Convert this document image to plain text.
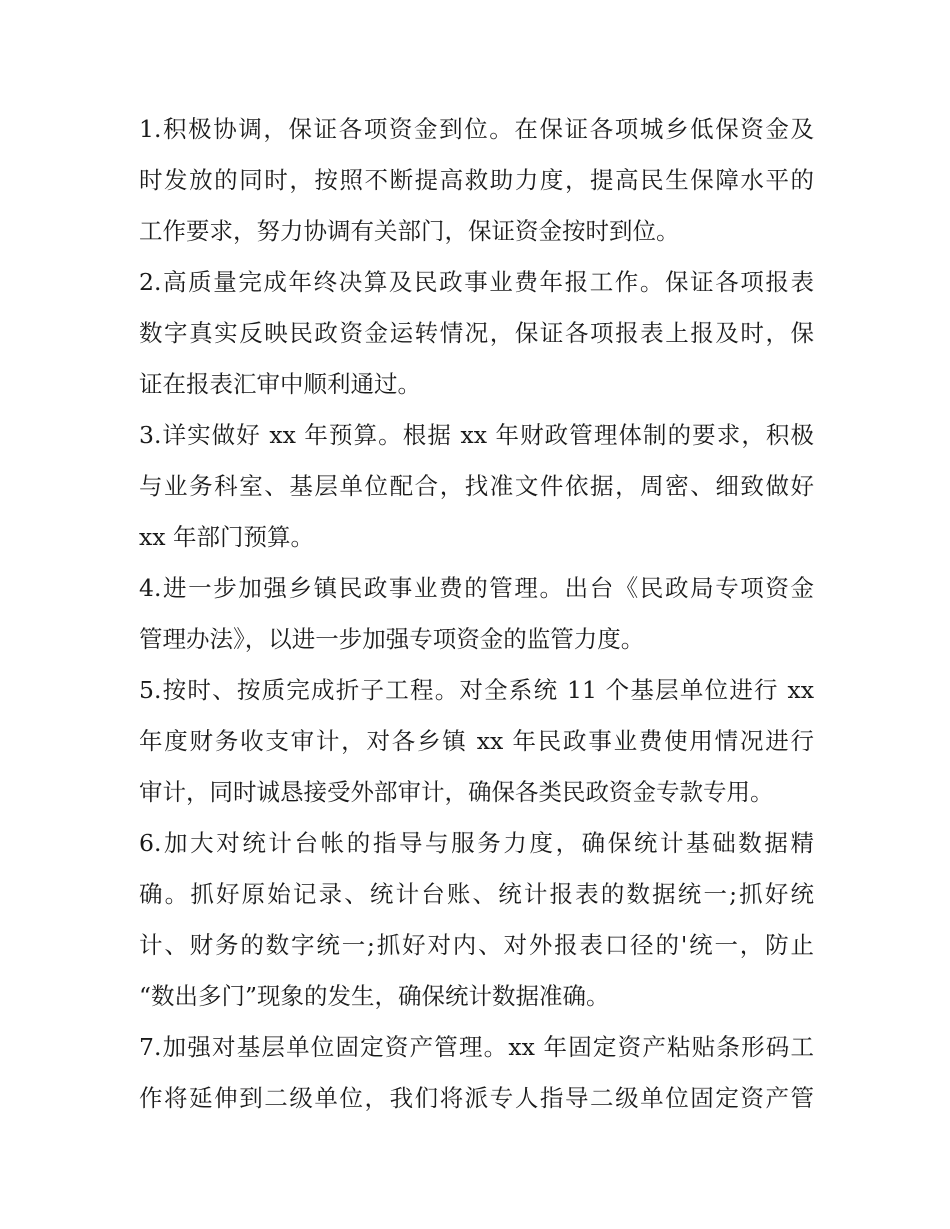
1.积极协调，保证各项资金到位。在保证各项城乡低保资金及
时发放的同时，按照不断提高救助力度，提高民生保障水平的
工作要求，努力协调有关部门，保证资金按时到位。
2.高质量完成年终决算及民政事业费年报工作。保证各项报表
数字真实反映民政资金运转情况，保证各项报表上报及时，保
证在报表汇审中顺利通过。
3.详实做好 xx 年预算。根据 xx 年财政管理体制的要求，积极
与业务科室、基层单位配合，找准文件依据，周密、细致做好
xx 年部门预算。
4.进一步加强乡镇民政事业费的管理。出台《民政局专项资金
管理办法》，以进一步加强专项资金的监管力度。
5.按时、按质完成折子工程。对全系统 11 个基层单位进行 xx
年度财务收支审计，对各乡镇 xx 年民政事业费使用情况进行
审计，同时诚恳接受外部审计，确保各类民政资金专款专用。
6.加大对统计台帐的指导与服务力度，确保统计基础数据精
确。抓好原始记录、统计台账、统计报表的数据统一;抓好统
计、财务的数字统一;抓好对内、对外报表口径的'统一，防止
“数出多门”现象的发生，确保统计数据准确。
7.加强对基层单位固定资产管理。xx 年固定资产粘贴条形码工
作将延伸到二级单位，我们将派专人指导二级单位固定资产管
